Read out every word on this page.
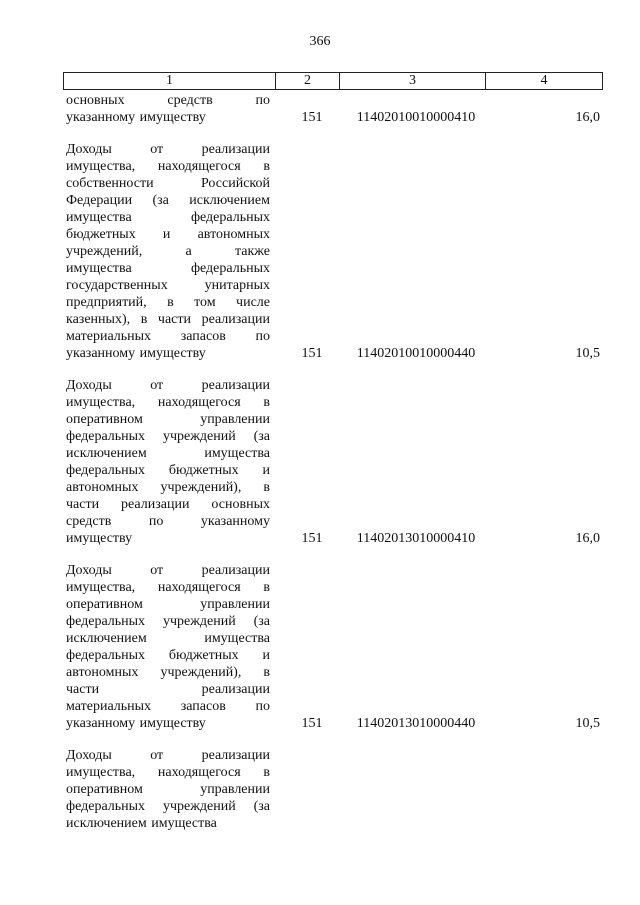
366
1	2	3	4
основных средств по
указанному имуществу	151	11402010010000410	16,0
Доходы от реализации
имущества, находящегося в
собственности Российской
Федерации (за исключением
имущества федеральных
бюджетных и автономных
учреждений, а также
имущества федеральных
государственных унитарных
предприятий, в том числе
казенных), в части реализации
материальных запасов по
указанному имуществу	151	11402010010000440	10,5
Доходы от реализации
имущества, находящегося в
оперативном управлении
федеральных учреждений (за
исключением имущества
федеральных бюджетных и
автономных учреждений), в
части реализации основных
средств по указанному
имуществу	151	11402013010000410	16,0
Доходы от реализации
имущества, находящегося в
оперативном управлении
федеральных учреждений (за
исключением имущества
федеральных бюджетных и
автономных учреждений), в
части реализации
материальных запасов по
указанному имуществу	151	11402013010000440	10,5
Доходы от реализации
имущества, находящегося в
оперативном управлении
федеральных учреждений (за
исключением имущества
